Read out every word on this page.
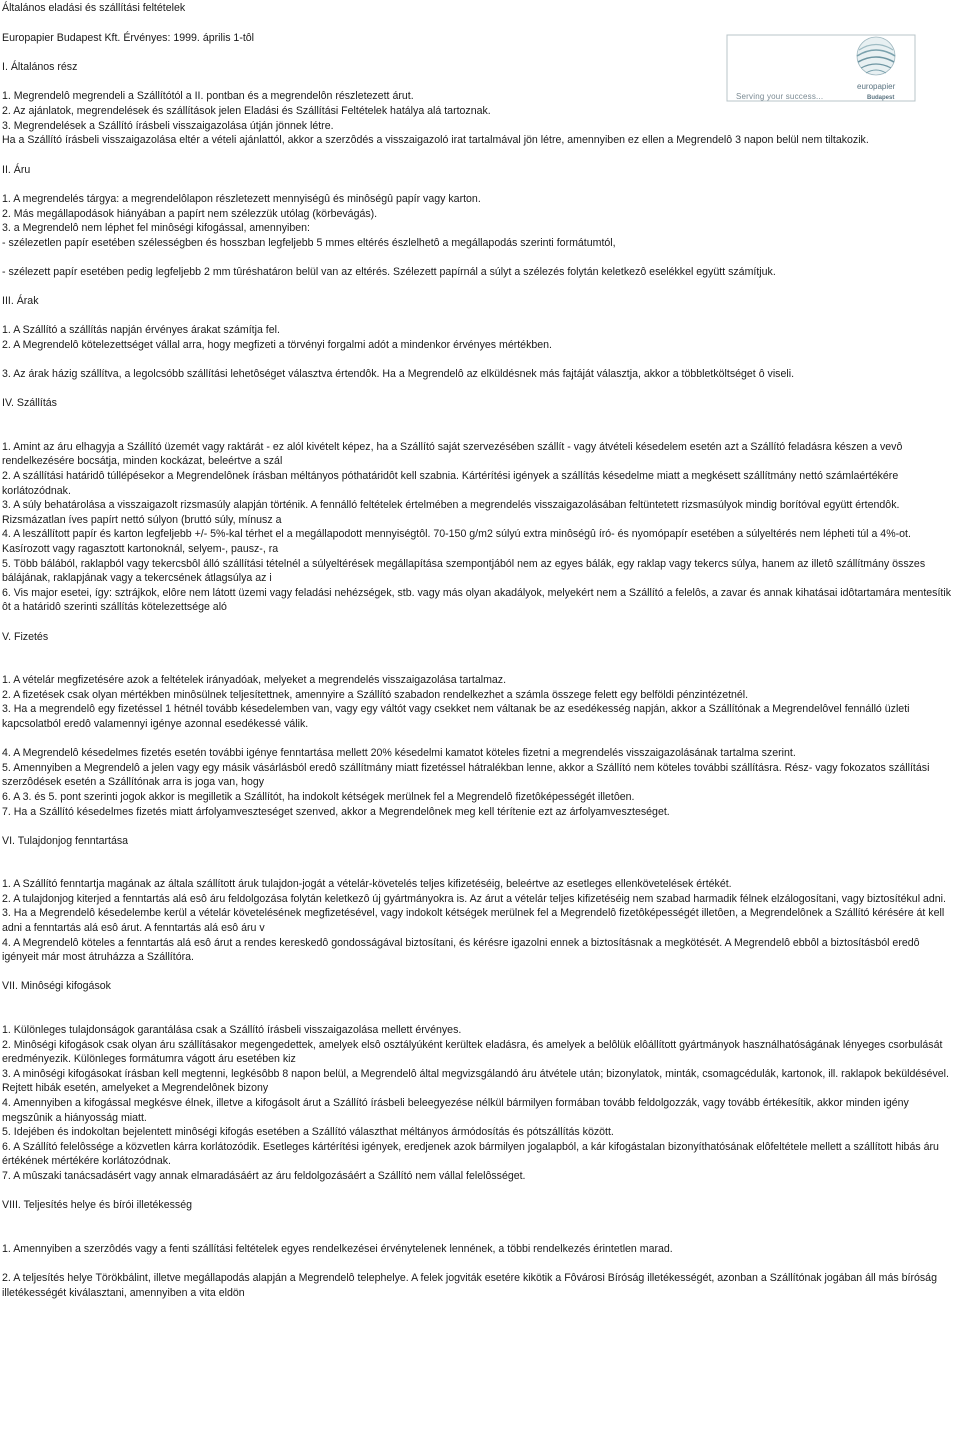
Általános eladási és szállítási feltételek
Europapier Budapest Kft. Érvényes: 1999. április 1-tôl
I. Általános rész
1. Megrendelô megrendeli a Szállítótól a II. pontban és a megrendelôn részletezett árut.
2. Az ajánlatok, megrendelések és szállítások jelen Eladási és Szállítási Feltételek hatálya alá tartoznak.
3. Megrendelések a Szállító írásbeli visszaigazolása útján jönnek létre.
Ha a Szállító írásbeli visszaigazolása eltér a vételi ajánlattól, akkor a szerzôdés a visszaigazoló irat tartalmával jön létre, amennyiben ez ellen a Megrendelô 3 napon belül nem tiltakozik.
II. Áru
1. A megrendelés tárgya: a megrendelôlapon részletezett mennyiségû és minôségû papír vagy karton.
2. Más megállapodások hiányában a papírt nem szélezzük utólag (körbevágás).
3. a Megrendelô nem léphet fel minôségi kifogással, amennyiben:
- szélezetlen papír esetében szélességben és hosszban legfeljebb 5 mmes eltérés észlelhetô a megállapodás szerinti formátumtól,
- szélezett papír esetében pedig legfeljebb 2 mm tûréshatáron belül van az eltérés. Szélezett papírnál a súlyt a szélezés folytán keletkezô eselékkel együtt számítjuk.
III. Árak
1. A Szállító a szállítás napján érvényes árakat számítja fel.
2. A Megrendelô kötelezettséget vállal arra, hogy megfizeti a törvényi forgalmi adót a mindenkor érvényes mértékben.
3. Az árak házig szállítva, a legolcsóbb szállítási lehetôséget választva értendôk. Ha a Megrendelô az elküldésnek más fajtáját választja, akkor a többletköltséget ô viseli.
IV. Szállítás
1. Amint az áru elhagyja a Szállító üzemét vagy raktárát - ez alól kivételt képez, ha a Szállító saját szervezésében szállít - vagy átvételi késedelem esetén azt a Szállító feladásra készen a vevô rendelkezésére bocsátja, minden kockázat, beleértve a szál
2. A szállítási határidô túllépésekor a Megrendelônek írásban méltányos póthatáridôt kell szabnia. Kártérítési igények a szállítás késedelme miatt a megkésett szállítmány nettó számlaértékére korlátozódnak.
3. A súly behatárolása a visszaigazolt rizsmasúly alapján történik. A fennálló feltételek értelmében a megrendelés visszaigazolásában feltüntetett rizsmasúlyok mindig borítóval együtt értendôk. Rizsmázatlan íves papírt nettó súlyon (bruttó súly, mínusz a
4. A leszállított papír és karton legfeljebb +/- 5%-kal térhet el a megállapodott mennyiségtôl. 70-150 g/m2 súlyú extra minôségû író- és nyomópapír esetében a súlyeltérés nem lépheti túl a 4%-ot. Kasírozott vagy ragasztott kartonoknál, selyem-, pausz-, ra
5. Több bálából, raklapból vagy tekercsbôl álló szállítási tételnél a súlyeltérések megállapítása szempontjából nem az egyes bálák, egy raklap vagy tekercs súlya, hanem az illetô szállítmány összes bálájának, raklapjának vagy a tekercsének átlagsúlya az i
6. Vis major esetei, így: sztrájkok, elôre nem látott üzemi vagy feladási nehézségek, stb. vagy más olyan akadályok, melyekért nem a Szállító a felelôs, a zavar és annak kihatásai idôtartamára mentesítik ôt a határidô szerinti szállítás kötelezettsége aló
V. Fizetés
1. A vételár megfizetésére azok a feltételek irányadóak, melyeket a megrendelés visszaigazolása tartalmaz.
2. A fizetések csak olyan mértékben minôsülnek teljesítettnek, amennyire a Szállító szabadon rendelkezhet a számla összege felett egy belföldi pénzintézetnél.
3. Ha a megrendelô egy fizetéssel 1 hétnél tovább késedelemben van, vagy egy váltót vagy csekket nem váltanak be az esedékesség napján, akkor a Szállítónak a Megrendelôvel fennálló üzleti kapcsolatból eredô valamennyi igénye azonnal esedékessé válik.
4. A Megrendelô késedelmes fizetés esetén további igénye fenntartása mellett 20% késedelmi kamatot köteles fizetni a megrendelés visszaigazolásának tartalma szerint.
5. Amennyiben a Megrendelô a jelen vagy egy másik vásárlásból eredô szállítmány miatt fizetéssel hátralékban lenne, akkor a Szállító nem köteles további szállításra. Rész- vagy fokozatos szállítási szerzôdések esetén a Szállítónak arra is joga van, hogy
6. A 3. és 5. pont szerinti jogok akkor is megilletik a Szállítót, ha indokolt kétségek merülnek fel a Megrendelô fizetôképességét illetôen.
7. Ha a Szállító késedelmes fizetés miatt árfolyamveszteséget szenved, akkor a Megrendelônek meg kell térítenie ezt az árfolyamveszteséget.
VI. Tulajdonjog fenntartása
1. A Szállító fenntartja magának az általa szállított áruk tulajdon-jogát a vételár-követelés teljes kifizetéséig, beleértve az esetleges ellenkövetelések értékét.
2. A tulajdonjog kiterjed a fenntartás alá esô áru feldolgozása folytán keletkezô új gyártmányokra is. Az árut a vételár teljes kifizetéséig nem szabad harmadik félnek elzálogosítani, vagy biztosítékul adni.
3. Ha a Megrendelô késedelembe kerül a vételár követelésének megfizetésével, vagy indokolt kétségek merülnek fel a Megrendelô fizetôképességét illetôen, a Megrendelônek a Szállító kérésére át kell adni a fenntartás alá esô árut. A fenntartás alá esô áru v
4. A Megrendelô köteles a fenntartás alá esô árut a rendes kereskedô gondosságával biztosítani, és kérésre igazolni ennek a biztosításnak a megkötését. A Megrendelô ebbôl a biztosításból eredô igényeit már most átruházza a Szállítóra.
VII. Minôségi kifogások
1. Különleges tulajdonságok garantálása csak a Szállító írásbeli visszaigazolása mellett érvényes.
2. Minôségi kifogások csak olyan áru szállításakor megengedettek, amelyek elsô osztályúként kerültek eladásra, és amelyek a belôlük elôállított gyártmányok használhatóságának lényeges csorbulását eredményezik. Különleges formátumra vágott áru esetében kiz
3. A minôségi kifogásokat írásban kell megtenni, legkésôbb 8 napon belül, a Megrendelô által megvizsgálandó áru átvétele után; bizonylatok, minták, csomagcédulák, kartonok, ill. raklapok beküldésével. Rejtett hibák esetén, amelyeket a Megrendelônek bizony
4. Amennyiben a kifogással megkésve élnek, illetve a kifogásolt árut a Szállító írásbeli beleegyezése nélkül bármilyen formában tovább feldolgozzák, vagy tovább értékesítik, akkor minden igény megszûnik a hiányosság miatt.
5. Idejében és indokoltan bejelentett minôségi kifogás esetében a Szállító választhat méltányos ármódosítás és pótszállítás között.
6. A Szállító felelôssége a közvetlen kárra korlátozódik. Esetleges kártérítési igények, eredjenek azok bármilyen jogalapból, a kár kifogástalan bizonyíthatósának elôfeltétele mellett a szállított hibás áru értékének mértékére korlátozódnak.
7. A mûszaki tanácsadásért vagy annak elmaradásáért az áru feldolgozásáért a Szállító nem vállal felelôsséget.
VIII. Teljesítés helye és bírói illetékesség
1. Amennyiben a szerzôdés vagy a fenti szállítási feltételek egyes rendelkezései érvénytelenek lennének, a többi rendelkezés érintetlen marad.
2. A teljesítés helye Törökbálint, illetve megállapodás alapján a Megrendelô telephelye. A felek jogviták esetére kikötik a Fôvárosi Bíróság illetékességét, azonban a Szállítónak jogában áll más bíróság illetékességét kiválasztani, amennyiben a vita eldön
Serving your success...
europapier
Budapest
